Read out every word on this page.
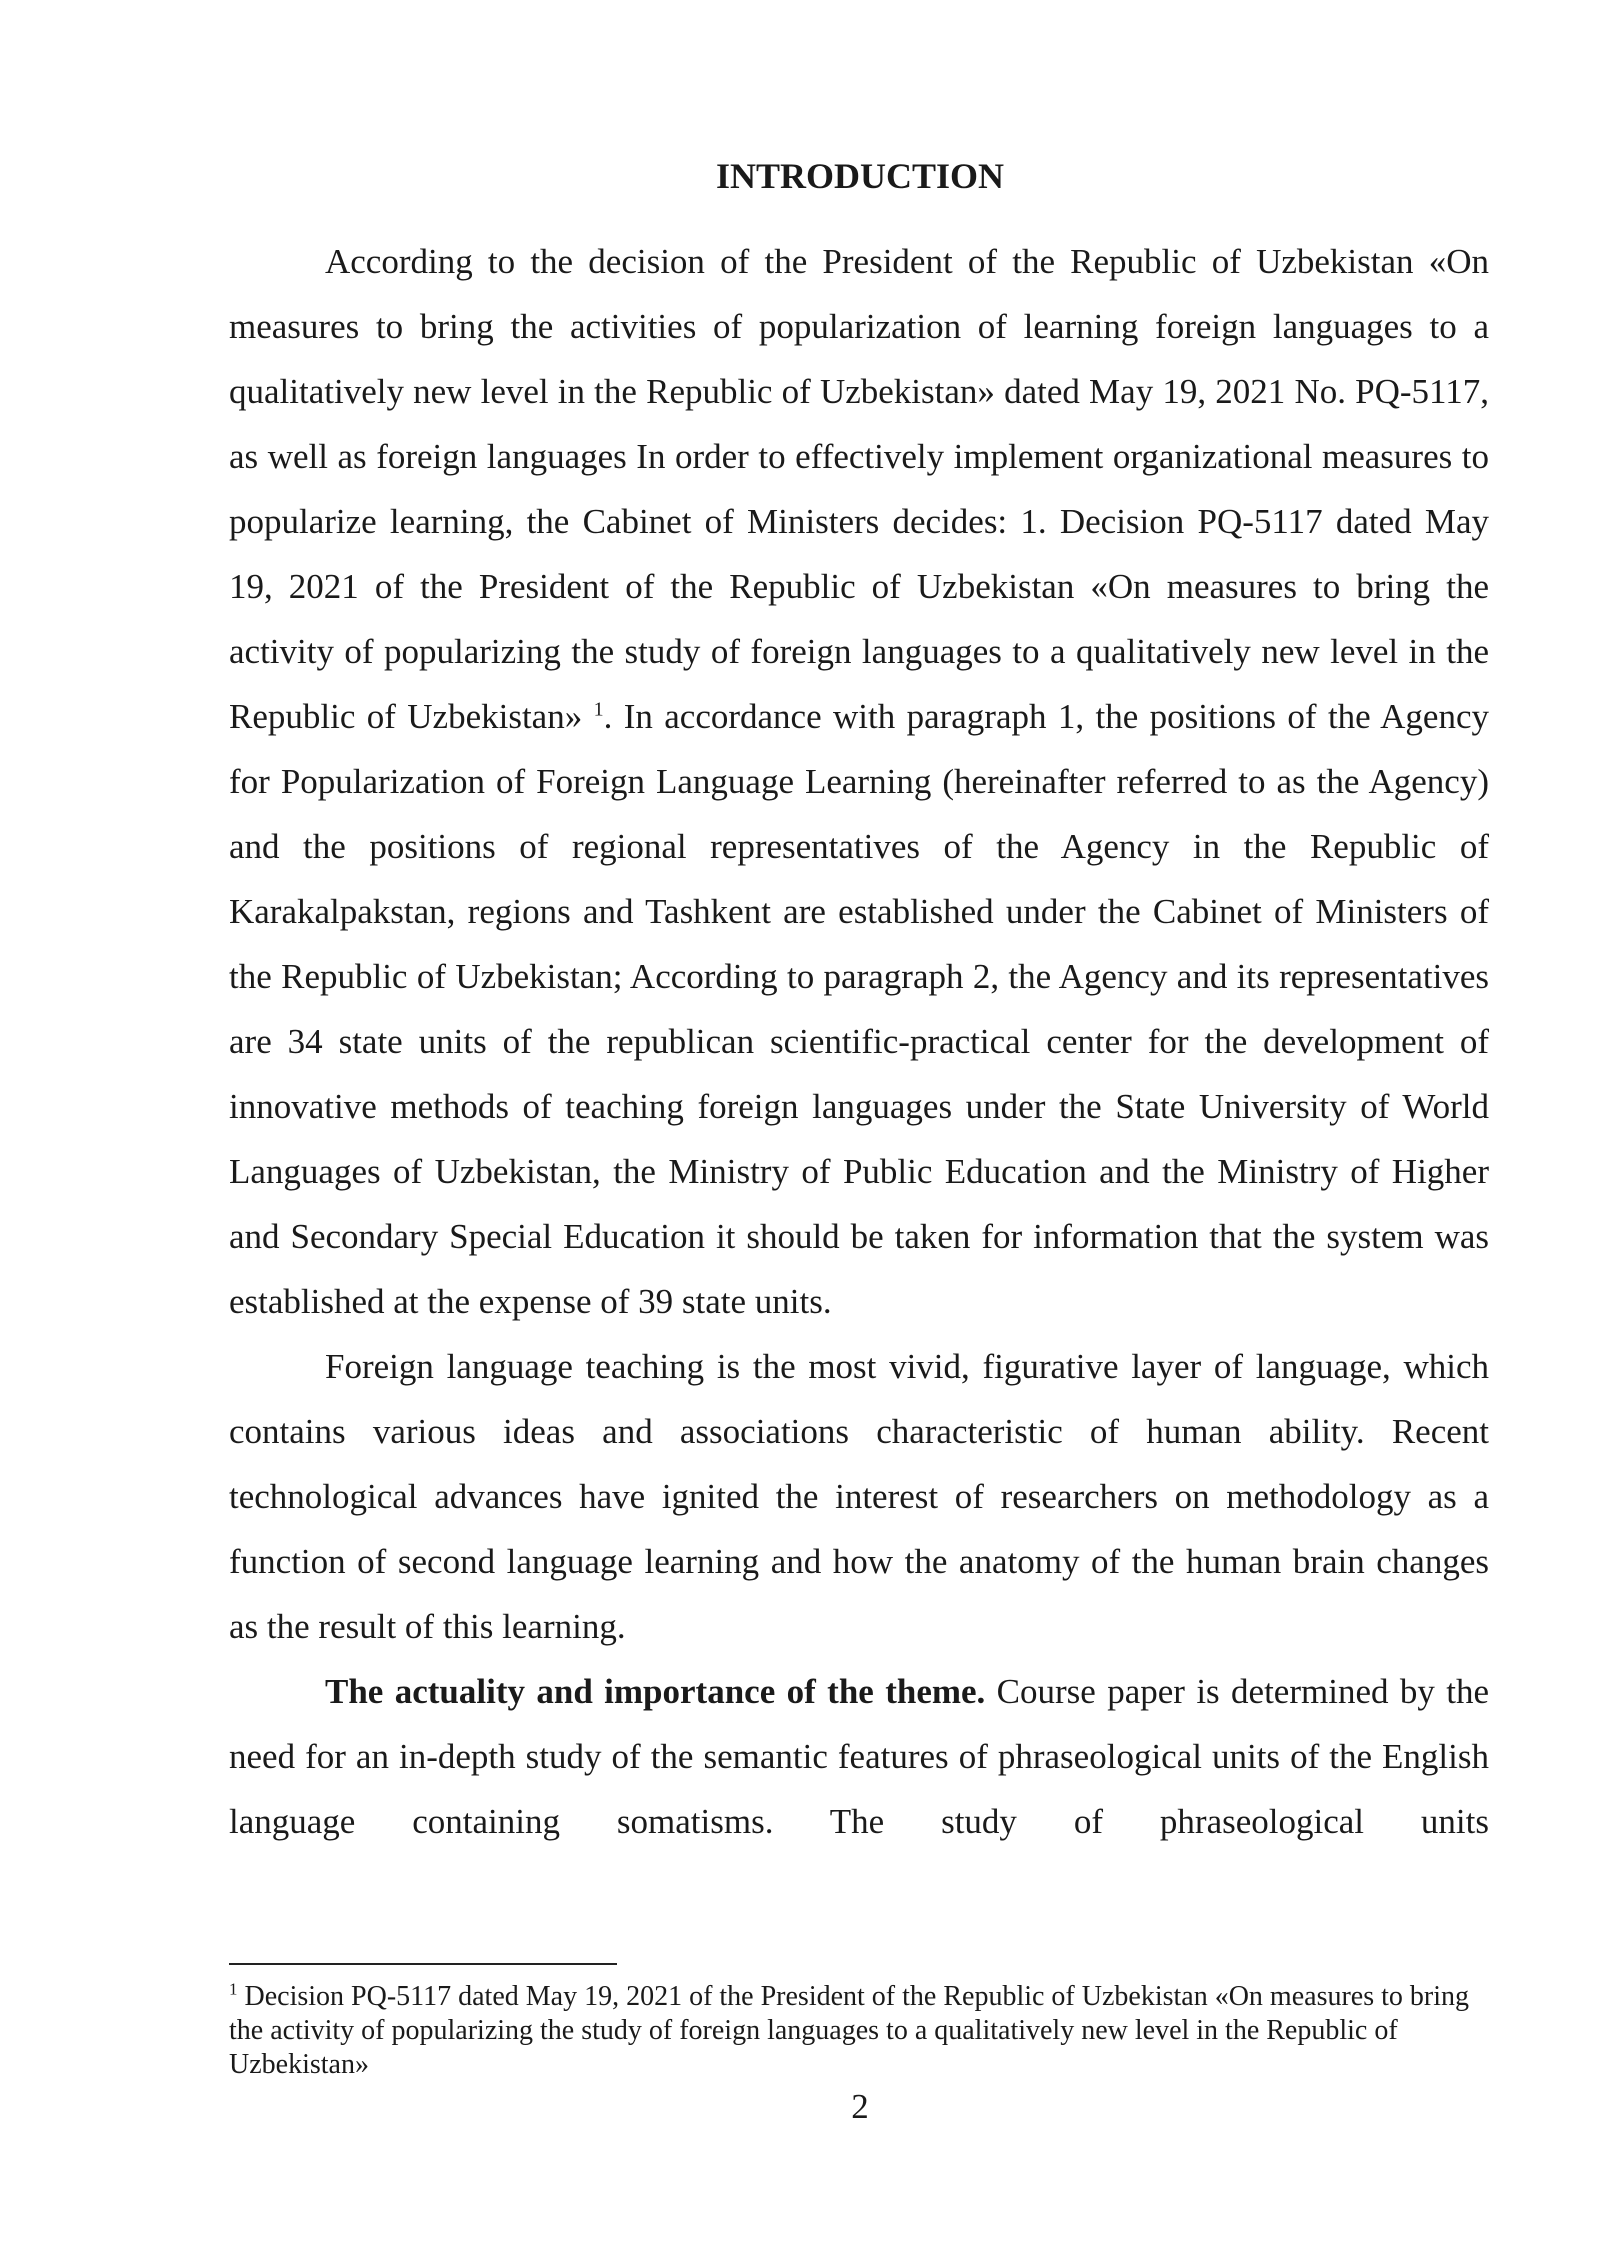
INTRODUCTION

According to the decision of the President of the Republic of Uzbekistan «On measures to bring the activities of popularization of learning foreign languages to a qualitatively new level in the Republic of Uzbekistan» dated May 19, 2021 No. PQ-5117, as well as foreign languages In order to effectively implement organizational measures to popularize learning, the Cabinet of Ministers decides: 1. Decision PQ-5117 dated May 19, 2021 of the President of the Republic of Uzbekistan «On measures to bring the activity of popularizing the study of foreign languages to a qualitatively new level in the Republic of Uzbekistan» $^1$. In accordance with paragraph 1, the positions of the Agency for Popularization of Foreign Language Learning (hereinafter referred to as the Agency) and the positions of regional representatives of the Agency in the Republic of Karakalpakstan, regions and Tashkent are established under the Cabinet of Ministers of the Republic of Uzbekistan; According to paragraph 2, the Agency and its representatives are 34 state units of the republican scientific-practical center for the development of innovative methods of teaching foreign languages under the State University of World Languages of Uzbekistan, the Ministry of Public Education and the Ministry of Higher and Secondary Special Education it should be taken for information that the system was established at the expense of 39 state units.

Foreign language teaching is the most vivid, figurative layer of language, which contains various ideas and associations characteristic of human ability. Recent technological advances have ignited the interest of researchers on methodology as a function of second language learning and how the anatomy of the human brain changes as the result of this learning.

The actuality and importance of the theme. Course paper is determined by the need for an in-depth study of the semantic features of phraseological units of the English language containing somatisms. The study of phraseological units

$^1$ Decision PQ-5117 dated May 19, 2021 of the President of the Republic of Uzbekistan «On measures to bring the activity of popularizing the study of foreign languages to a qualitatively new level in the Republic of Uzbekistan»

2
